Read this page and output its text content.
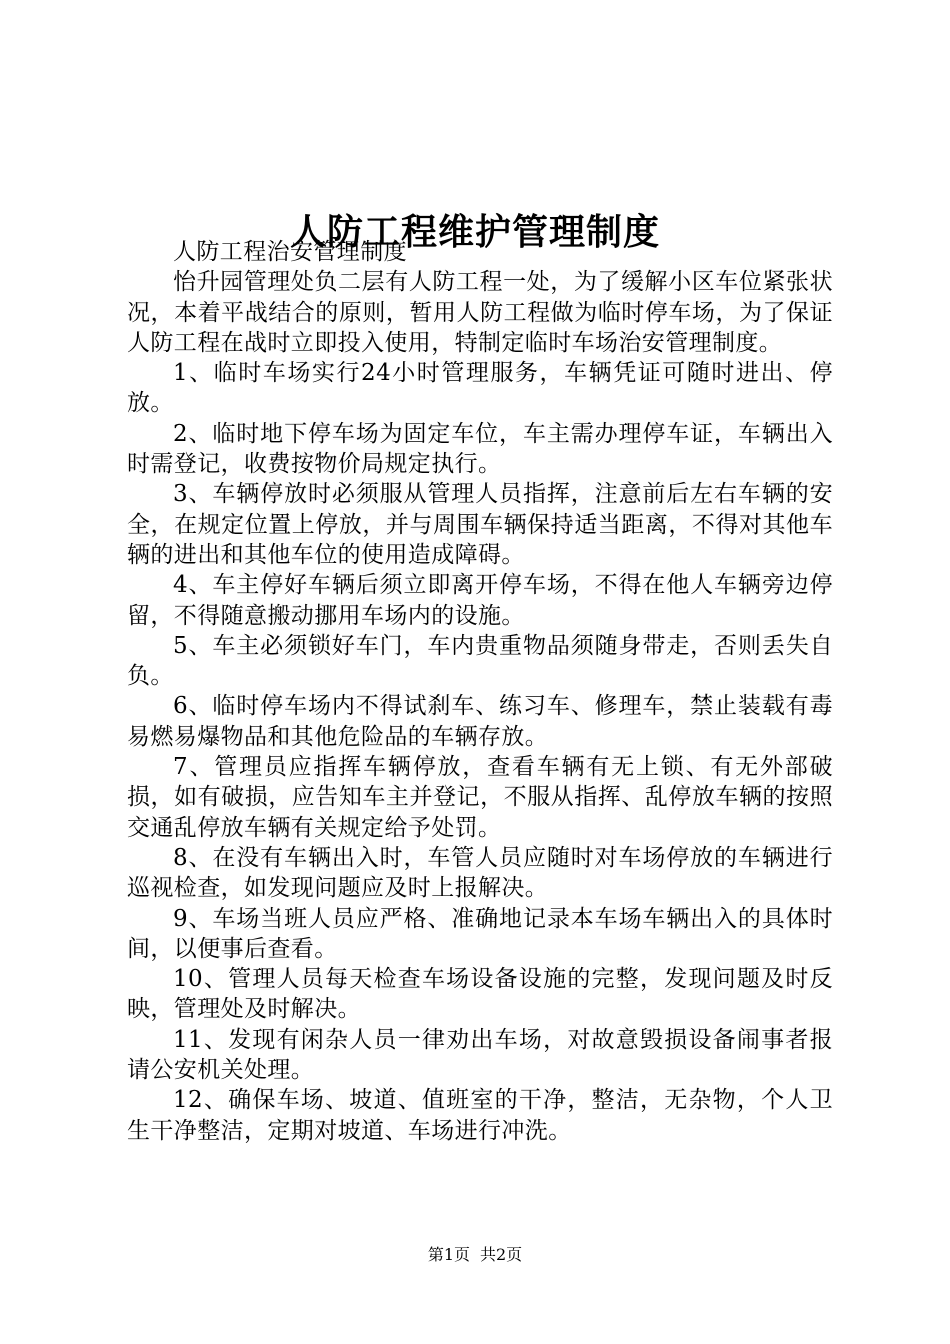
人防工程维护管理制度

人防工程治安管理制度

怡升园管理处负二层有人防工程一处，为了缓解小区车位紧张状况，本着平战结合的原则，暂用人防工程做为临时停车场，为了保证人防工程在战时立即投入使用，特制定临时车场治安管理制度。

1、临时车场实行24小时管理服务，车辆凭证可随时进出、停放。

2、临时地下停车场为固定车位，车主需办理停车证，车辆出入时需登记，收费按物价局规定执行。

3、车辆停放时必须服从管理人员指挥，注意前后左右车辆的安全，在规定位置上停放，并与周围车辆保持适当距离，不得对其他车辆的进出和其他车位的使用造成障碍。

4、车主停好车辆后须立即离开停车场，不得在他人车辆旁边停留，不得随意搬动挪用车场内的设施。

5、车主必须锁好车门，车内贵重物品须随身带走，否则丢失自负。

6、临时停车场内不得试刹车、练习车、修理车，禁止装载有毒易燃易爆物品和其他危险品的车辆存放。

7、管理员应指挥车辆停放，查看车辆有无上锁、有无外部破损，如有破损，应告知车主并登记，不服从指挥、乱停放车辆的按照交通乱停放车辆有关规定给予处罚。

8、在没有车辆出入时，车管人员应随时对车场停放的车辆进行巡视检查，如发现问题应及时上报解决。

9、车场当班人员应严格、准确地记录本车场车辆出入的具体时间，以便事后查看。

10、管理人员每天检查车场设备设施的完整，发现问题及时反映，管理处及时解决。

11、发现有闲杂人员一律劝出车场，对故意毁损设备闹事者报请公安机关处理。

12、确保车场、坡道、值班室的干净，整洁，无杂物，个人卫生干净整洁，定期对坡道、车场进行冲洗。

第1页 共2页
